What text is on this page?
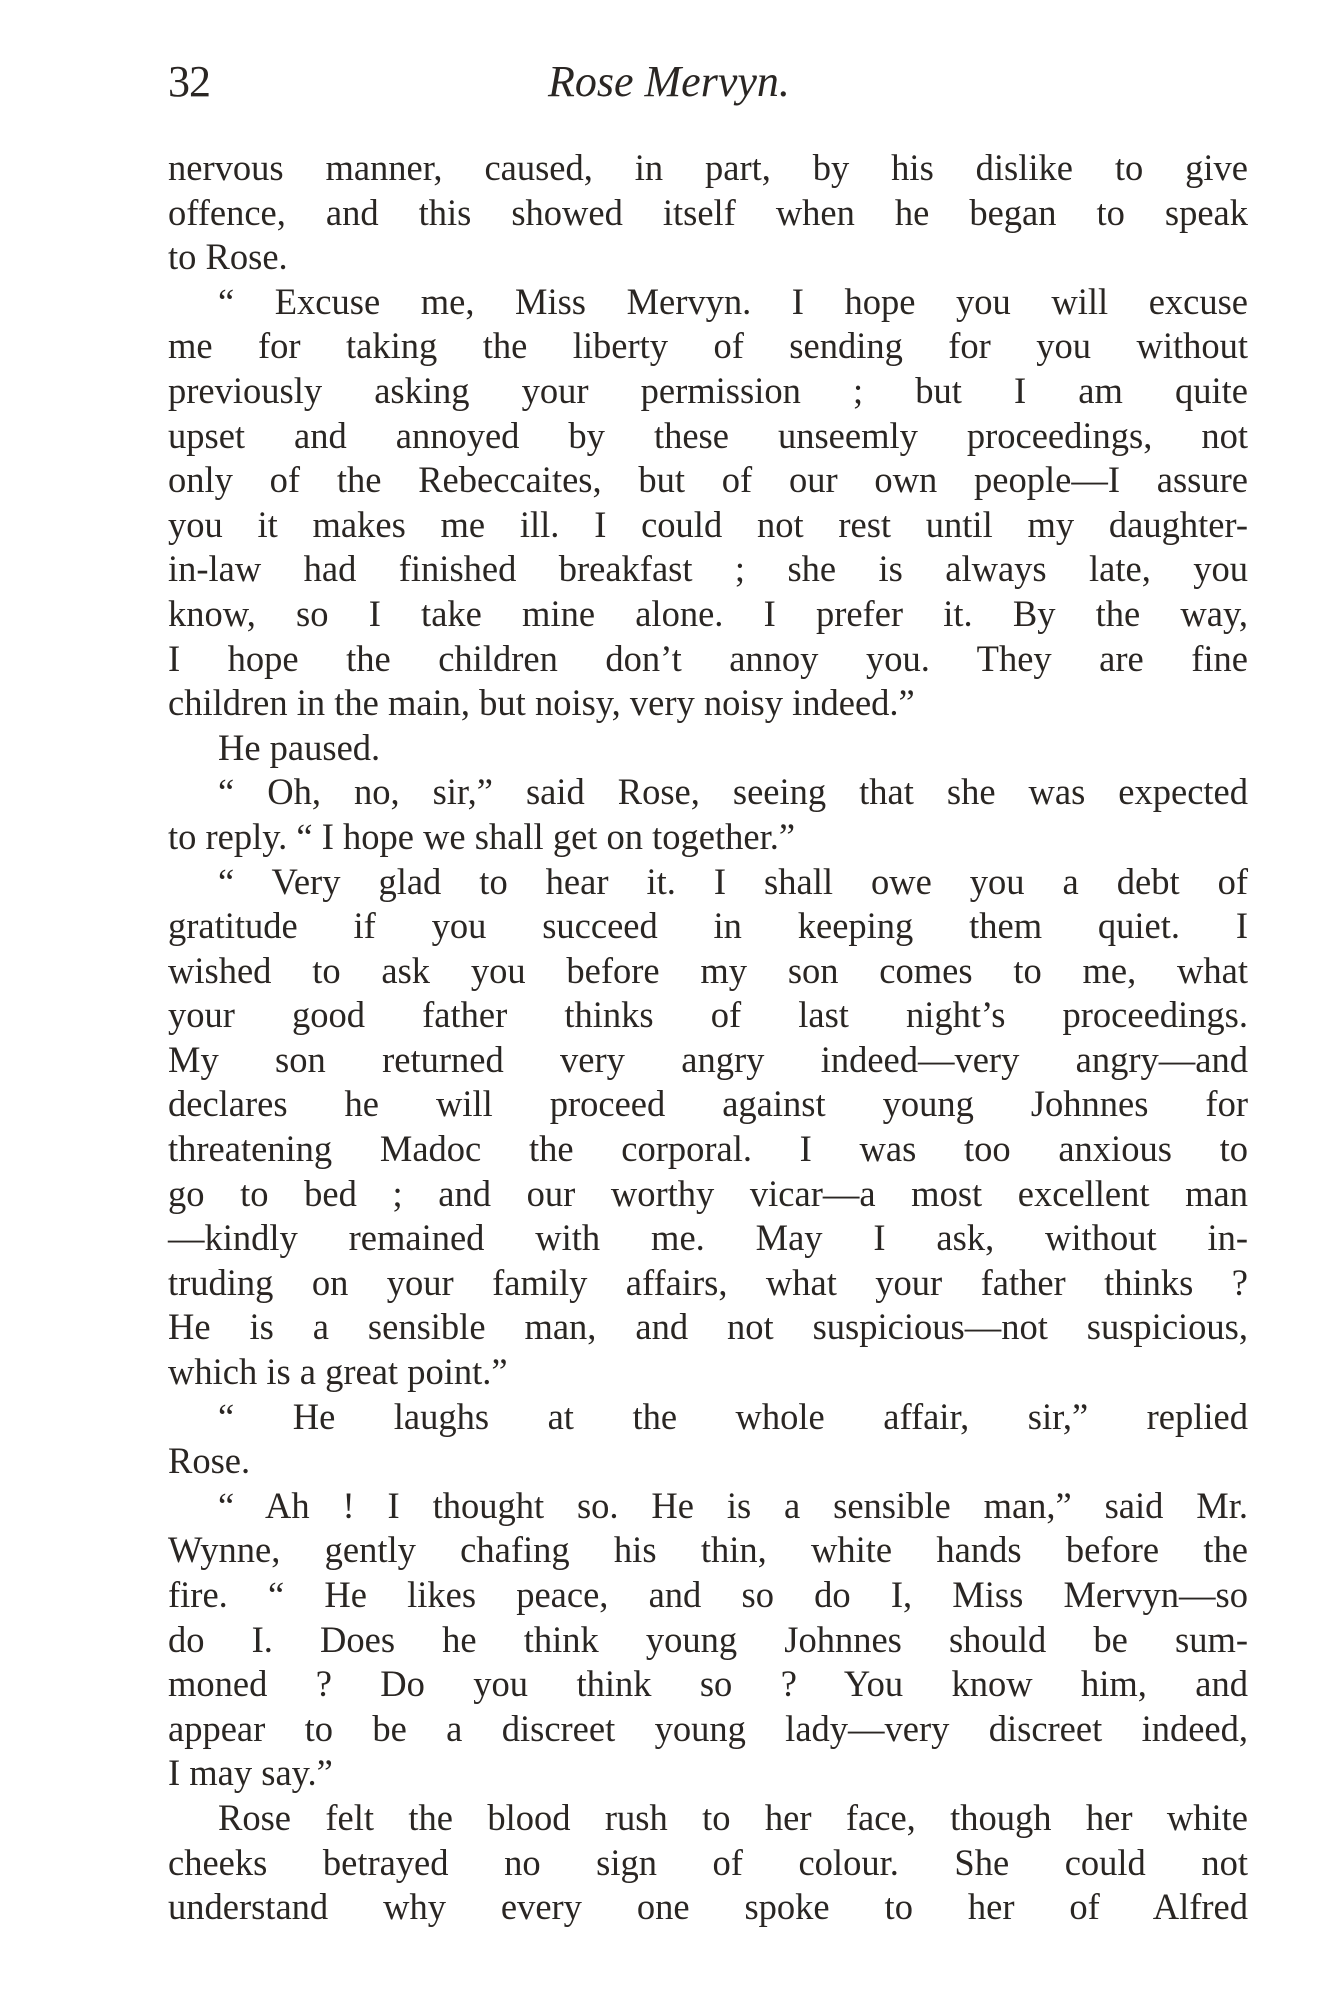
32	Rose Mervyn.
nervous manner, caused, in part, by his dislike to give
offence, and this showed itself when he began to speak
to Rose.
“ Excuse me, Miss Mervyn. I hope you will excuse
me for taking the liberty of sending for you without
previously asking your permission ; but I am quite
upset and annoyed by these unseemly proceedings, not
only of the Rebeccaites, but of our own people—I assure
you it makes me ill. I could not rest until my daughter-
in-law had finished breakfast ; she is always late, you
know, so I take mine alone. I prefer it. By the way,
I hope the children don’t annoy you. They are fine
children in the main, but noisy, very noisy indeed.”
He paused.
“ Oh, no, sir,” said Rose, seeing that she was expected
to reply. “ I hope we shall get on together.”
“ Very glad to hear it. I shall owe you a debt of
gratitude if you succeed in keeping them quiet. I
wished to ask you before my son comes to me, what
your good father thinks of last night’s proceedings.
My son returned very angry indeed—very angry—and
declares he will proceed against young Johnnes for
threatening Madoc the corporal. I was too anxious to
go to bed ; and our worthy vicar—a most excellent man
—kindly remained with me. May I ask, without in-
truding on your family affairs, what your father thinks ?
He is a sensible man, and not suspicious—not suspicious,
which is a great point.”
“ He laughs at the whole affair, sir,” replied
Rose.
“ Ah ! I thought so. He is a sensible man,” said Mr.
Wynne, gently chafing his thin, white hands before the
fire. “ He likes peace, and so do I, Miss Mervyn—so
do I. Does he think young Johnnes should be sum-
moned ? Do you think so ? You know him, and
appear to be a discreet young lady—very discreet indeed,
I may say.”
Rose felt the blood rush to her face, though her white
cheeks betrayed no sign of colour. She could not
understand why every one spoke to her of Alfred
